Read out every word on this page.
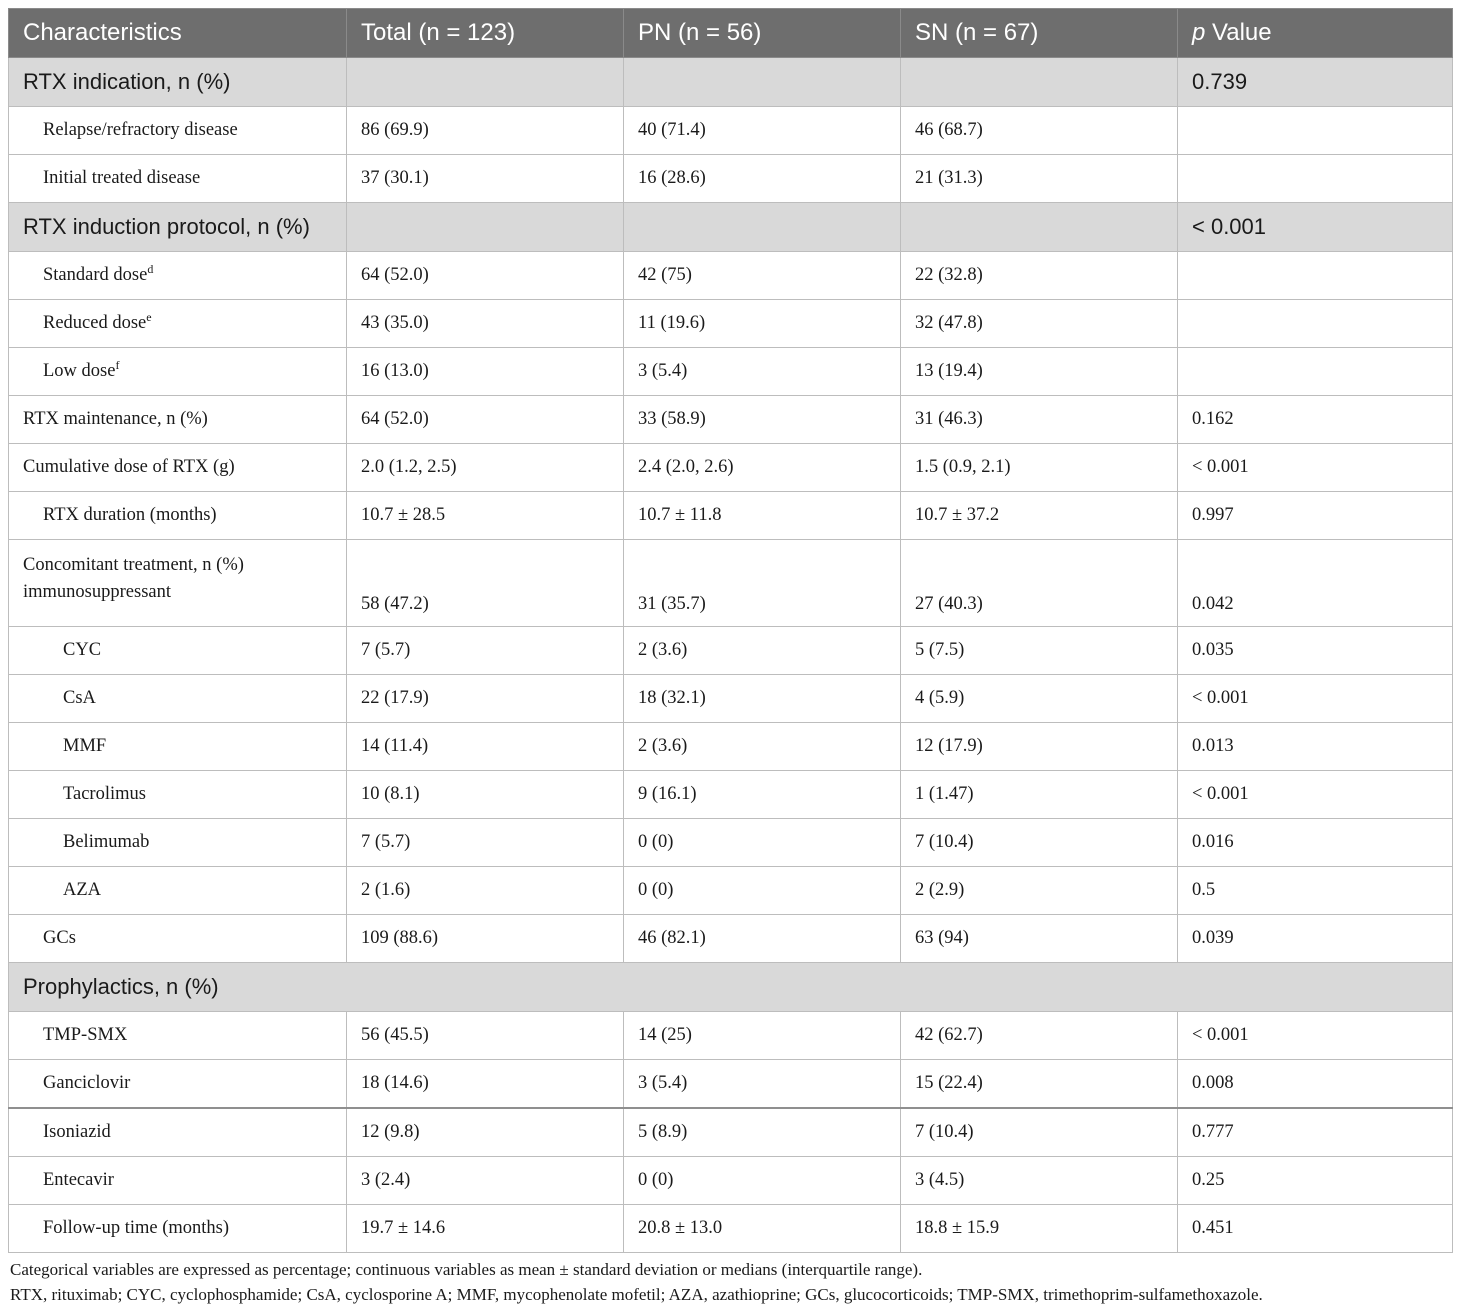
Characteristics	Total (n = 123)	PN (n = 56)	SN (n = 67)	p Value
RTX indication, n (%)				0.739
Relapse/refractory disease	86 (69.9)	40 (71.4)	46 (68.7)	
Initial treated disease	37 (30.1)	16 (28.6)	21 (31.3)	
RTX induction protocol, n (%)				< 0.001
Standard dose$^d$	64 (52.0)	42 (75)	22 (32.8)	
Reduced dose$^e$	43 (35.0)	11 (19.6)	32 (47.8)	
Low dose$^f$	16 (13.0)	3 (5.4)	13 (19.4)	
RTX maintenance, n (%)	64 (52.0)	33 (58.9)	31 (46.3)	0.162
Cumulative dose of RTX (g)	2.0 (1.2, 2.5)	2.4 (2.0, 2.6)	1.5 (0.9, 2.1)	< 0.001
RTX duration (months)	10.7 ± 28.5	10.7 ± 11.8	10.7 ± 37.2	0.997

Concomitant treatment, n (%)
immunosuppressant	58 (47.2)	31 (35.7)	27 (40.3)	0.042
CYC	7 (5.7)	2 (3.6)	5 (7.5)	0.035
CsA	22 (17.9)	18 (32.1)	4 (5.9)	< 0.001
MMF	14 (11.4)	2 (3.6)	12 (17.9)	0.013
Tacrolimus	10 (8.1)	9 (16.1)	1 (1.47)	< 0.001
Belimumab	7 (5.7)	0 (0)	7 (10.4)	0.016
AZA	2 (1.6)	0 (0)	2 (2.9)	0.5
GCs	109 (88.6)	46 (82.1)	63 (94)	0.039
Prophylactics, n (%)				
TMP-SMX	56 (45.5)	14 (25)	42 (62.7)	< 0.001
Ganciclovir	18 (14.6)	3 (5.4)	15 (22.4)	0.008
Isoniazid	12 (9.8)	5 (8.9)	7 (10.4)	0.777
Entecavir	3 (2.4)	0 (0)	3 (4.5)	0.25
Follow-up time (months)	19.7 ± 14.6	20.8 ± 13.0	18.8 ± 15.9	0.451
Categorical variables are expressed as percentage; continuous variables as mean ± standard deviation or medians (interquartile range).
RTX, rituximab; CYC, cyclophosphamide; CsA, cyclosporine A; MMF, mycophenolate mofetil; AZA, azathioprine; GCs, glucocorticoids; TMP-SMX, trimethoprim-sulfamethoxazole.
